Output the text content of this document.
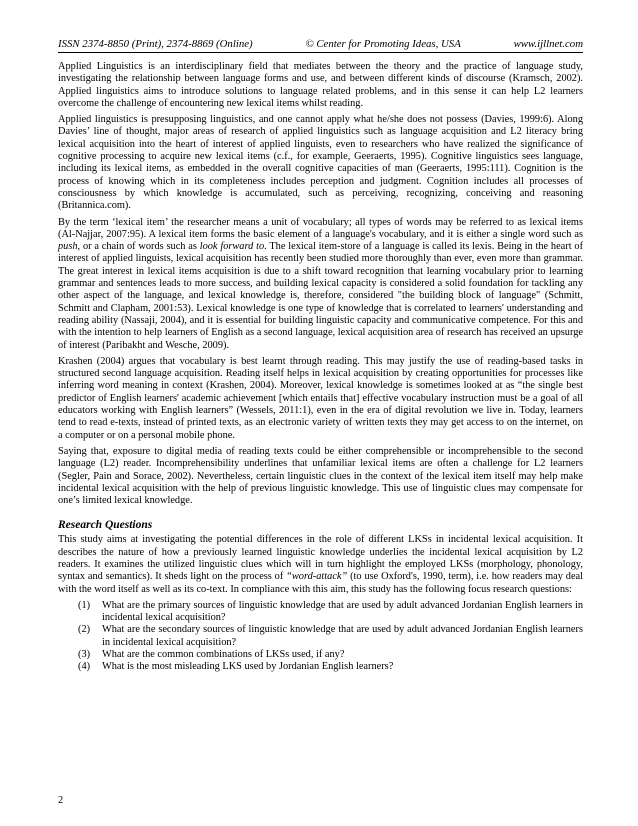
ISSN 2374-8850 (Print), 2374-8869 (Online)	© Center for Promoting Ideas, USA	www.ijllnet.com

Applied Linguistics is an interdisciplinary field that mediates between the theory and the practice of language study, investigating the relationship between language forms and use, and between different kinds of discourse (Kramsch, 2002). Applied linguistics aims to introduce solutions to language related problems, and in this sense it can help L2 learners overcome the challenge of encountering new lexical items whilst reading.

Applied linguistics is presupposing linguistics, and one cannot apply what he/she does not possess (Davies, 1999:6). Along Davies’ line of thought, major areas of research of applied linguistics such as language acquisition and L2 literacy bring lexical acquisition into the heart of interest of applied linguists, even to researchers who have realized the significance of cognitive processing to acquire new lexical items (c.f., for example, Geeraerts, 1995). Cognitive linguistics sees language, including its lexical items, as embedded in the overall cognitive capacities of man (Geeraerts, 1995:111). Cognition is the process of knowing which in its completeness includes perception and judgment. Cognition includes all processes of consciousness by which knowledge is accumulated, such as perceiving, recognizing, conceiving and reasoning (Britannica.com).

By the term ‘lexical item’ the researcher means a unit of vocabulary; all types of words may be referred to as lexical items (Al-Najjar, 2007:95). A lexical item forms the basic element of a language's vocabulary, and it is either a single word such as push, or a chain of words such as look forward to. The lexical item-store of a language is called its lexis. Being in the heart of interest of applied linguists, lexical acquisition has recently been studied more thoroughly than ever, even more than grammar. The great interest in lexical items acquisition is due to a shift toward recognition that learning vocabulary prior to learning grammar and sentences leads to more success, and building lexical capacity is considered a solid foundation for tackling any other aspect of the language, and lexical knowledge is, therefore, considered "the building block of language" (Schmitt, Schmitt and Clapham, 2001:53). Lexical knowledge is one type of knowledge that is correlated to learners' understanding and reading ability (Nassaji, 2004), and it is essential for building linguistic capacity and communicative competence. For this and with the intention to help learners of English as a second language, lexical acquisition area of research has received an upsurge of interest (Paribakht and Wesche, 2009).

Krashen (2004) argues that vocabulary is best learnt through reading. This may justify the use of reading-based tasks in structured second language acquisition. Reading itself helps in lexical acquisition by creating opportunities for processes like inferring word meaning in context (Krashen, 2004). Moreover, lexical knowledge is sometimes looked at as “the single best predictor of English learners' academic achievement [which entails that] effective vocabulary instruction must be a goal of all educators working with English learners” (Wessels, 2011:1), even in the era of digital revolution we live in. Today, learners tend to read e-texts, instead of printed texts, as an electronic variety of written texts they may get access to on the internet, on a computer or on a personal mobile phone.

Saying that, exposure to digital media of reading texts could be either comprehensible or incomprehensible to the second language (L2) reader. Incomprehensibility underlines that unfamiliar lexical items are often a challenge for L2 learners (Segler, Pain and Sorace, 2002). Nevertheless, certain linguistic clues in the context of the lexical item itself may help make incidental lexical acquisition with the help of previous linguistic knowledge. This use of linguistic clues may compensate for one’s limited lexical knowledge.

Research Questions

This study aims at investigating the potential differences in the role of different LKSs in incidental lexical acquisition. It describes the nature of how a previously learned linguistic knowledge underlies the incidental lexical acquisition by L2 readers. It examines the utilized linguistic clues which will in turn highlight the employed LKSs (morphology, phonology, syntax and semantics). It sheds light on the process of “word-attack” (to use Oxford's, 1990, term), i.e. how readers may deal with the word itself as well as its co-text. In compliance with this aim, this study has the following focus research questions:

(1)	What are the primary sources of linguistic knowledge that are used by adult advanced Jordanian English learners in incidental lexical acquisition?
(2)	What are the secondary sources of linguistic knowledge that are used by adult advanced Jordanian English learners in incidental lexical acquisition?
(3)	What are the common combinations of LKSs used, if any?
(4)	What is the most misleading LKS used by Jordanian English learners?
2
